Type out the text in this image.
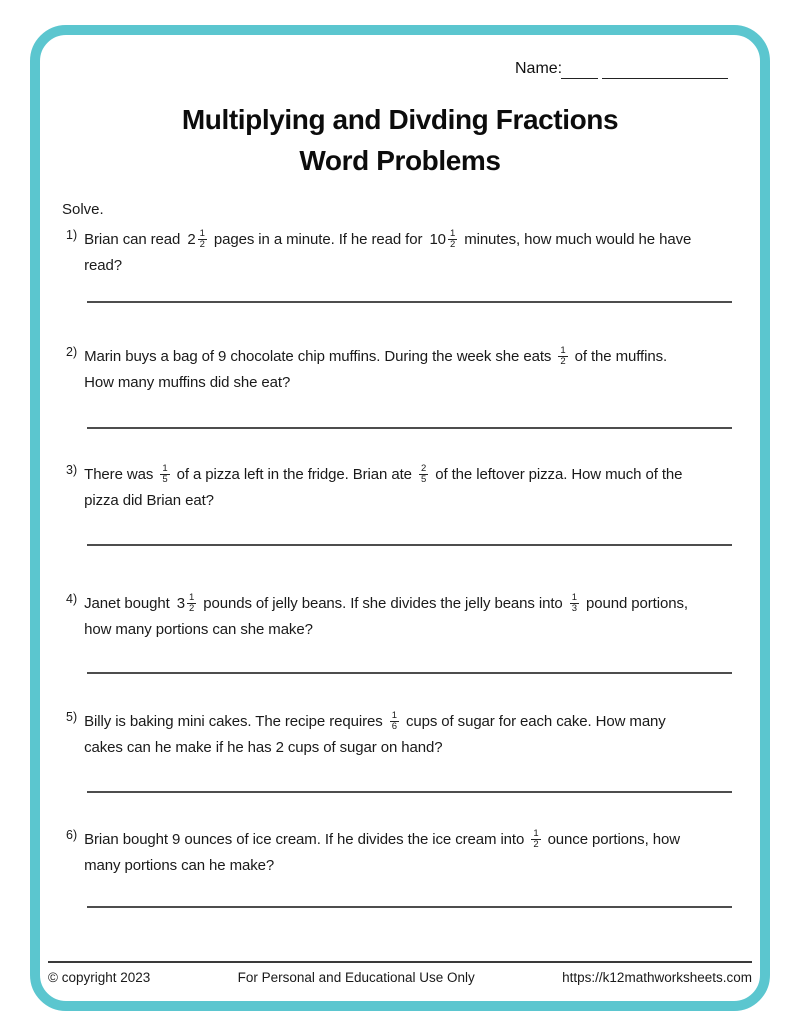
Name:
Multiplying and Divding Fractions
Word Problems
Solve.
1) Brian can read $2 \frac{1}{2}$ pages in a minute. If he read for $10 \frac{1}{2}$ minutes, how much would he have read?
2) Marin buys a bag of 9 chocolate chip muffins. During the week she eats $\frac{1}{2}$ of the muffins. How many muffins did she eat?
3) There was $\frac{1}{5}$ of a pizza left in the fridge. Brian ate $\frac{2}{5}$ of the leftover pizza. How much of the pizza did Brian eat?
4) Janet bought $3 \frac{1}{2}$ pounds of jelly beans. If she divides the jelly beans into $\frac{1}{3}$ pound portions, how many portions can she make?
5) Billy is baking mini cakes. The recipe requires $\frac{1}{6}$ cups of sugar for each cake. How many cakes can he make if he has 2 cups of sugar on hand?
6) Brian bought 9 ounces of ice cream. If he divides the ice cream into $\frac{1}{2}$ ounce portions, how many portions can he make?
© copyright 2023	For Personal and Educational Use Only	https://k12mathworksheets.com
